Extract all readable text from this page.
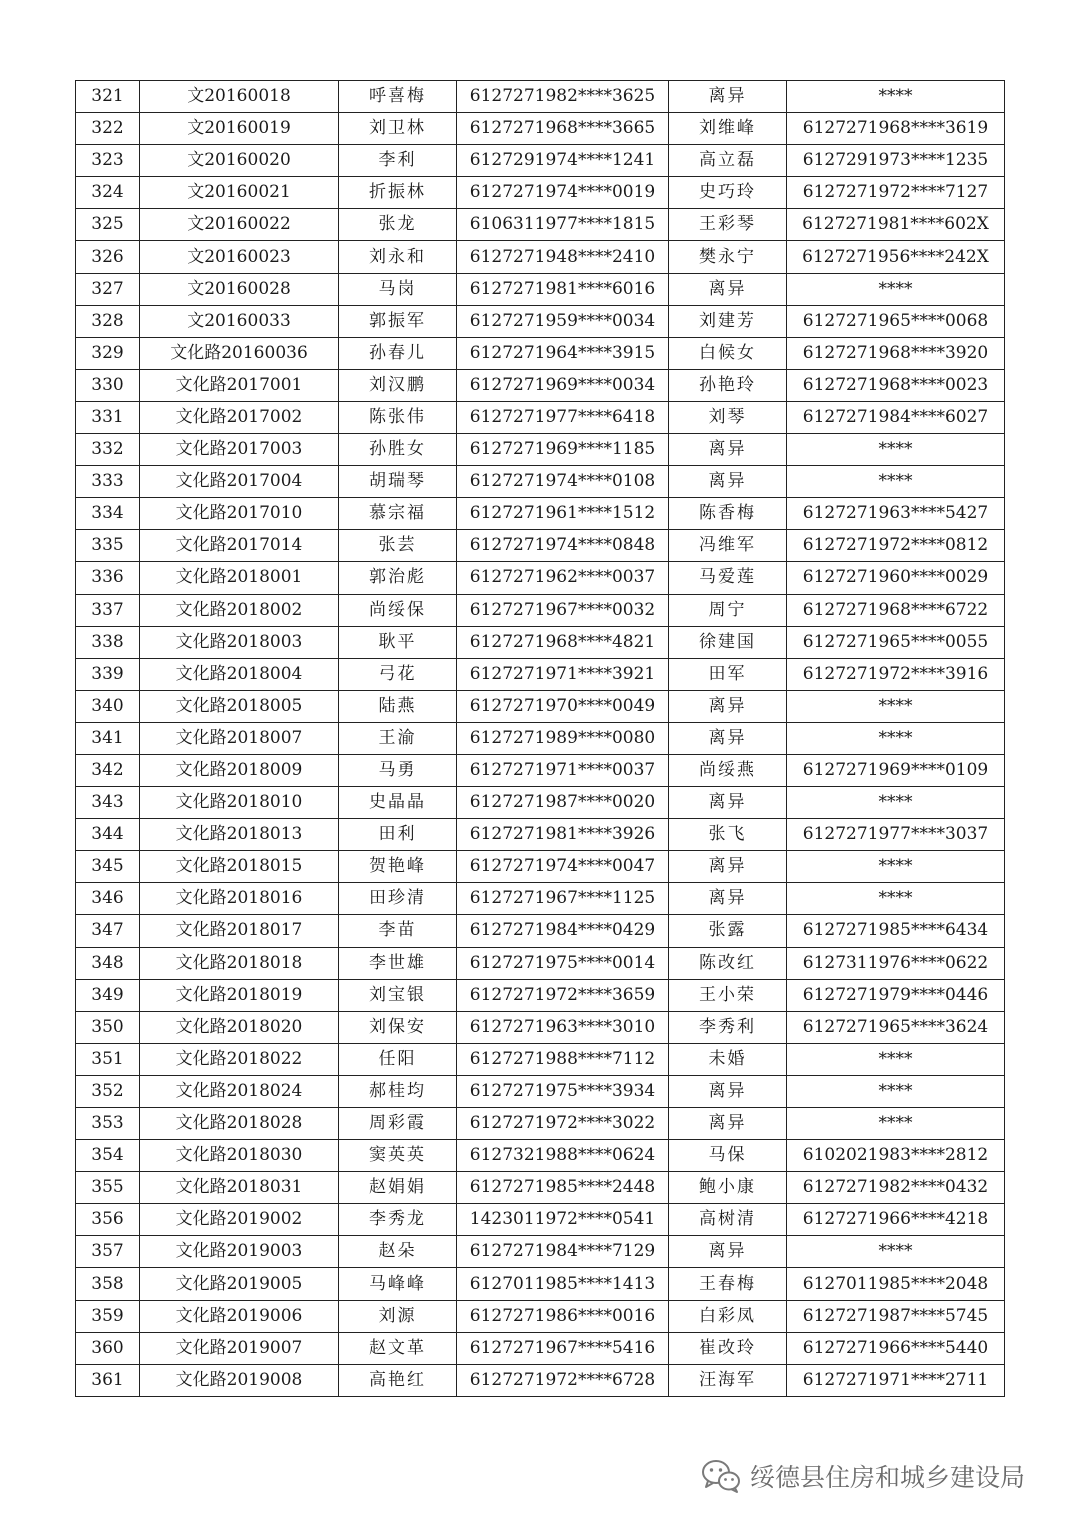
321	文20160018	呼喜梅	6127271982****3625	离异	****
322	文20160019	刘卫林	6127271968****3665	刘维峰	6127271968****3619
323	文20160020	李利	6127291974****1241	高立磊	6127291973****1235
324	文20160021	折振林	6127271974****0019	史巧玲	6127271972****7127
325	文20160022	张龙	6106311977****1815	王彩琴	6127271981****602X
326	文20160023	刘永和	6127271948****2410	樊永宁	6127271956****242X
327	文20160028	马岗	6127271981****6016	离异	****
328	文20160033	郭振军	6127271959****0034	刘建芳	6127271965****0068
329	文化路20160036	孙春儿	6127271964****3915	白候女	6127271968****3920
330	文化路2017001	刘汉鹏	6127271969****0034	孙艳玲	6127271968****0023
331	文化路2017002	陈张伟	6127271977****6418	刘琴	6127271984****6027
332	文化路2017003	孙胜女	6127271969****1185	离异	****
333	文化路2017004	胡瑞琴	6127271974****0108	离异	****
334	文化路2017010	慕宗福	6127271961****1512	陈香梅	6127271963****5427
335	文化路2017014	张芸	6127271974****0848	冯维军	6127271972****0812
336	文化路2018001	郭治彪	6127271962****0037	马爱莲	6127271960****0029
337	文化路2018002	尚绥保	6127271967****0032	周宁	6127271968****6722
338	文化路2018003	耿平	6127271968****4821	徐建国	6127271965****0055
339	文化路2018004	弓花	6127271971****3921	田军	6127271972****3916
340	文化路2018005	陆燕	6127271970****0049	离异	****
341	文化路2018007	王渝	6127271989****0080	离异	****
342	文化路2018009	马勇	6127271971****0037	尚绥燕	6127271969****0109
343	文化路2018010	史晶晶	6127271987****0020	离异	****
344	文化路2018013	田利	6127271981****3926	张飞	6127271977****3037
345	文化路2018015	贺艳峰	6127271974****0047	离异	****
346	文化路2018016	田珍清	6127271967****1125	离异	****
347	文化路2018017	李苗	6127271984****0429	张露	6127271985****6434
348	文化路2018018	李世雄	6127271975****0014	陈改红	6127311976****0622
349	文化路2018019	刘宝银	6127271972****3659	王小荣	6127271979****0446
350	文化路2018020	刘保安	6127271963****3010	李秀利	6127271965****3624
351	文化路2018022	任阳	6127271988****7112	未婚	****
352	文化路2018024	郝桂均	6127271975****3934	离异	****
353	文化路2018028	周彩霞	6127271972****3022	离异	****
354	文化路2018030	窦英英	6127321988****0624	马保	6102021983****2812
355	文化路2018031	赵娟娟	6127271985****2448	鲍小康	6127271982****0432
356	文化路2019002	李秀龙	1423011972****0541	高树清	6127271966****4218
357	文化路2019003	赵朵	6127271984****7129	离异	****
358	文化路2019005	马峰峰	6127011985****1413	王春梅	6127011985****2048
359	文化路2019006	刘源	6127271986****0016	白彩凤	6127271987****5745
360	文化路2019007	赵文革	6127271967****5416	崔改玲	6127271966****5440
361	文化路2019008	高艳红	6127271972****6728	汪海军	6127271971****2711
绥德县住房和城乡建设局
